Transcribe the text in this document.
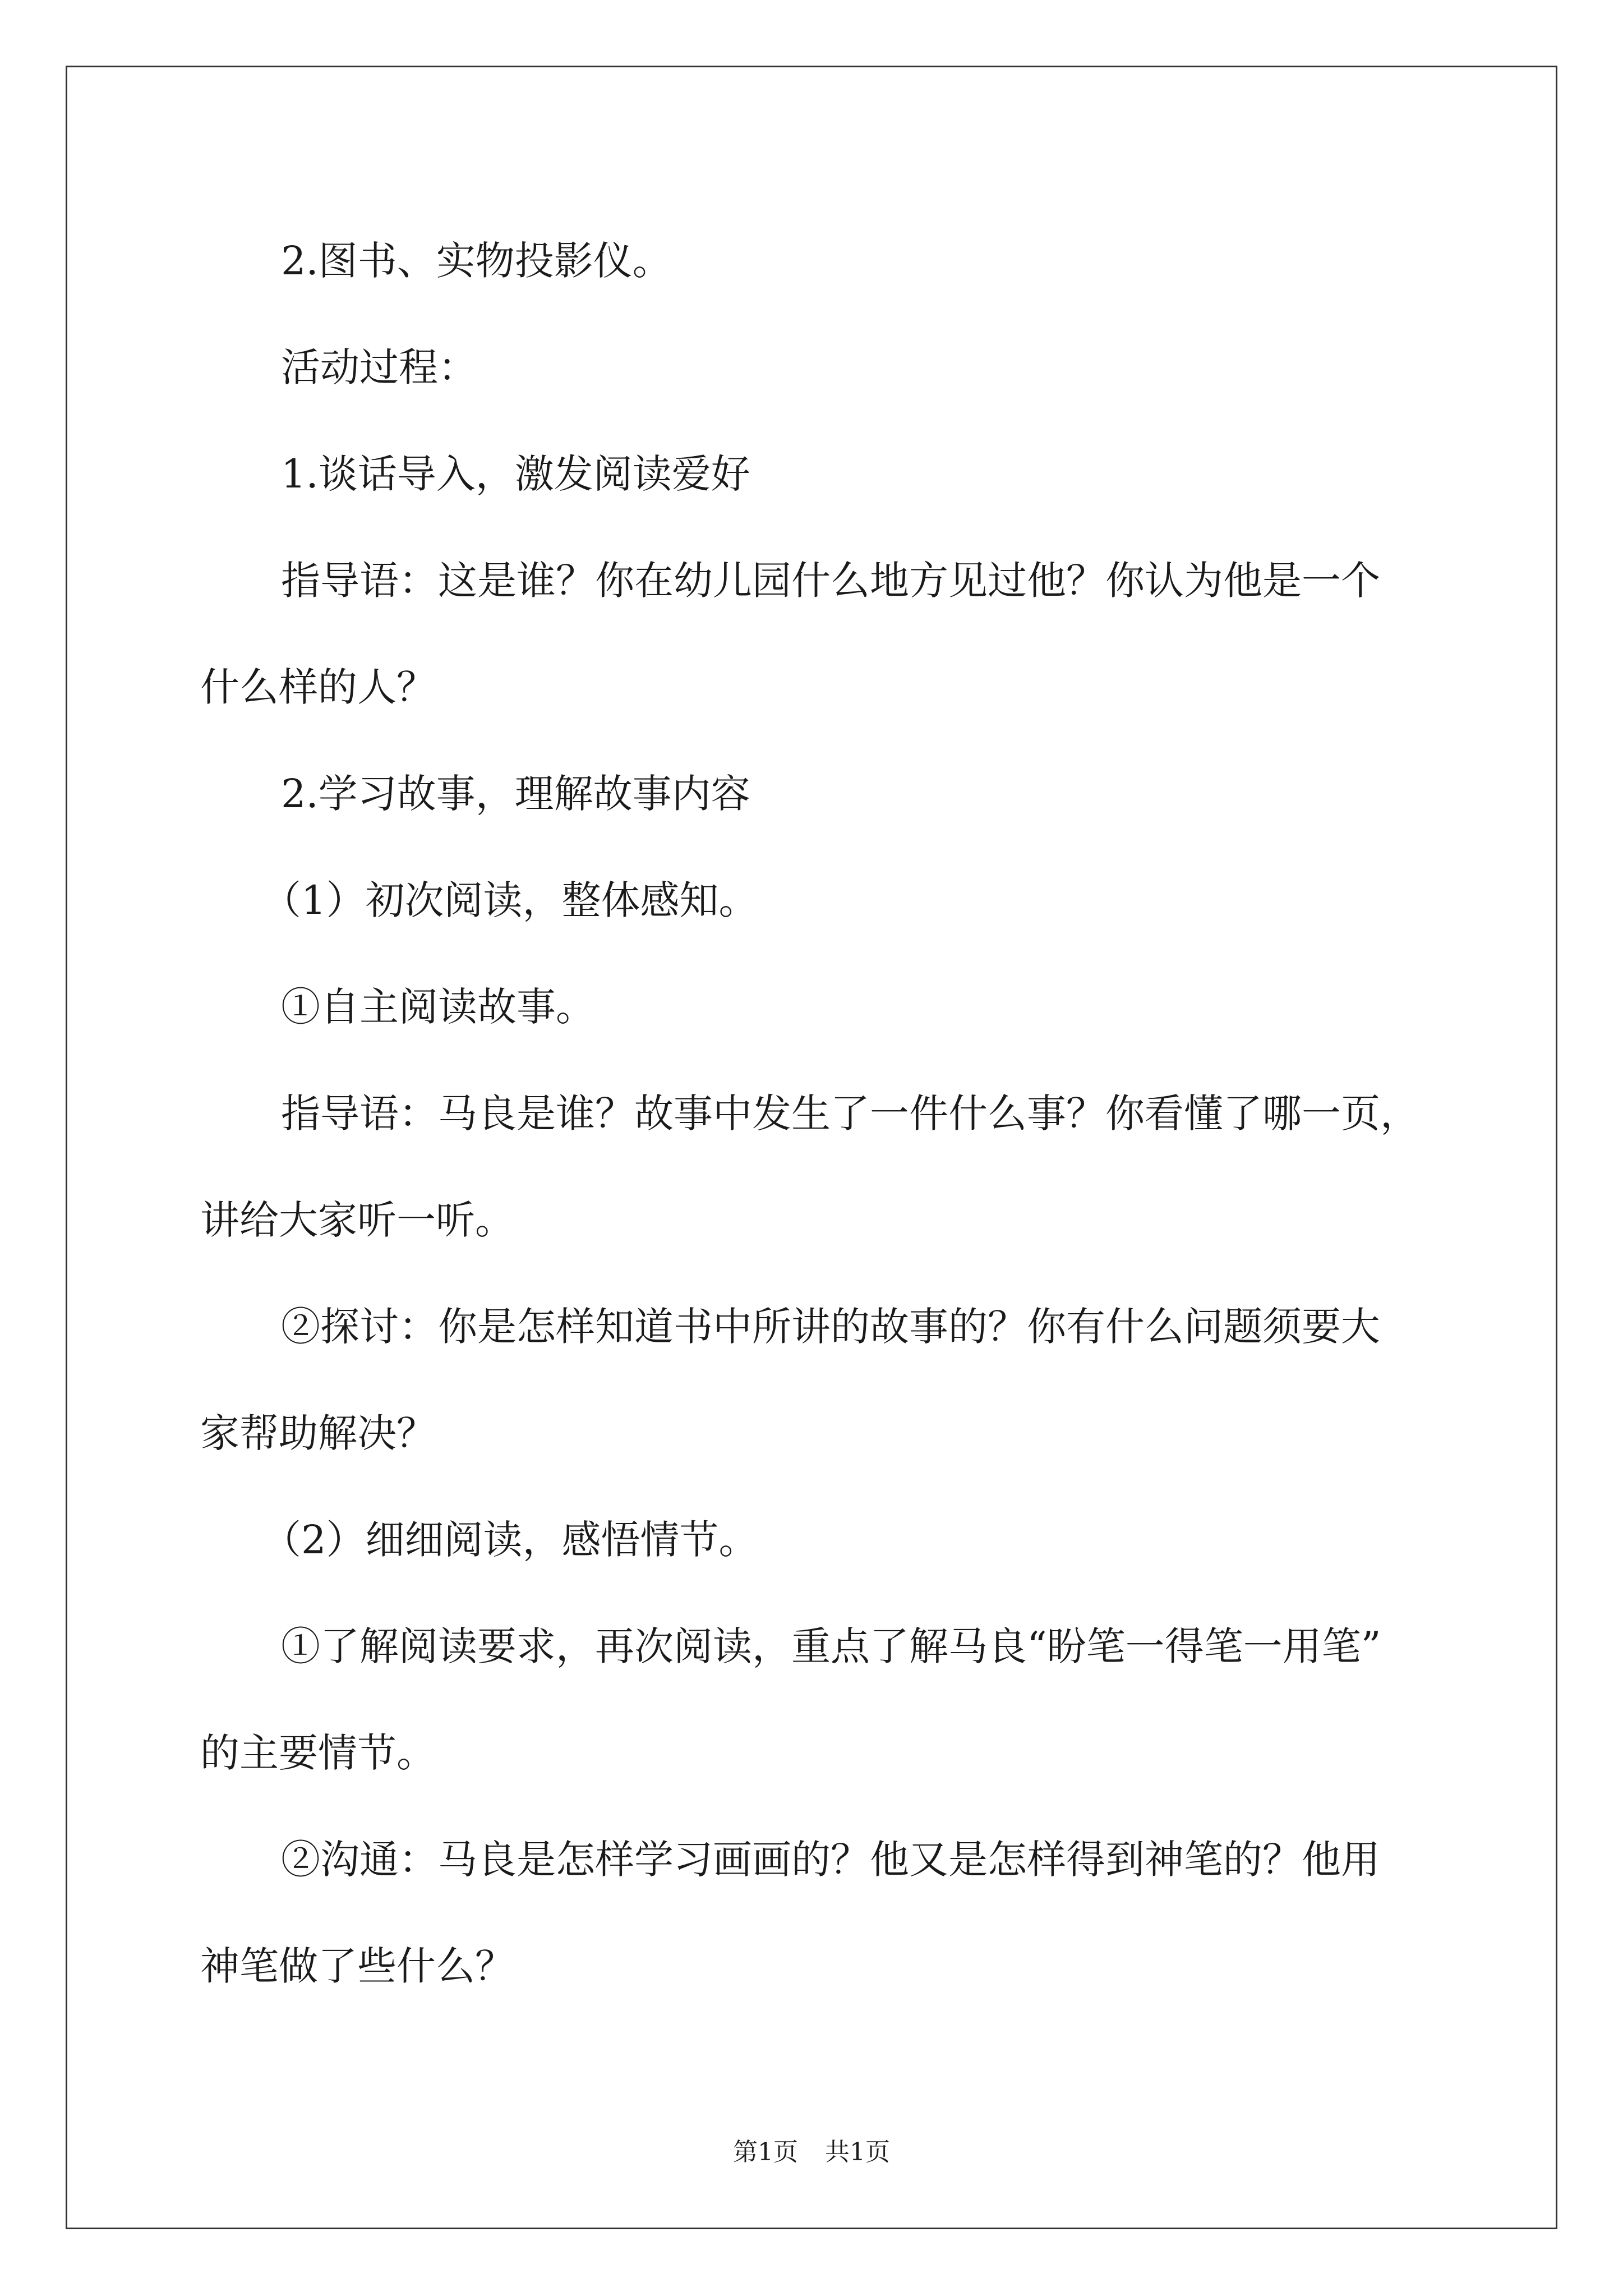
2.图书、实物投影仪。

活动过程：

1.谈话导入，激发阅读爱好

指导语：这是谁？你在幼儿园什么地方见过他？你认为他是一个

什么样的人？

2.学习故事，理解故事内容

（1）初次阅读，整体感知。

①自主阅读故事。

指导语：马良是谁？故事中发生了一件什么事？你看懂了哪一页，

讲给大家听一听。

②探讨：你是怎样知道书中所讲的故事的？你有什么问题须要大

家帮助解决？

（2）细细阅读，感悟情节。

①了解阅读要求，再次阅读，重点了解马良“盼笔一得笔一用笔”

的主要情节。

②沟通：马良是怎样学习画画的？他又是怎样得到神笔的？他用

神笔做了些什么？

第1页 共1页
